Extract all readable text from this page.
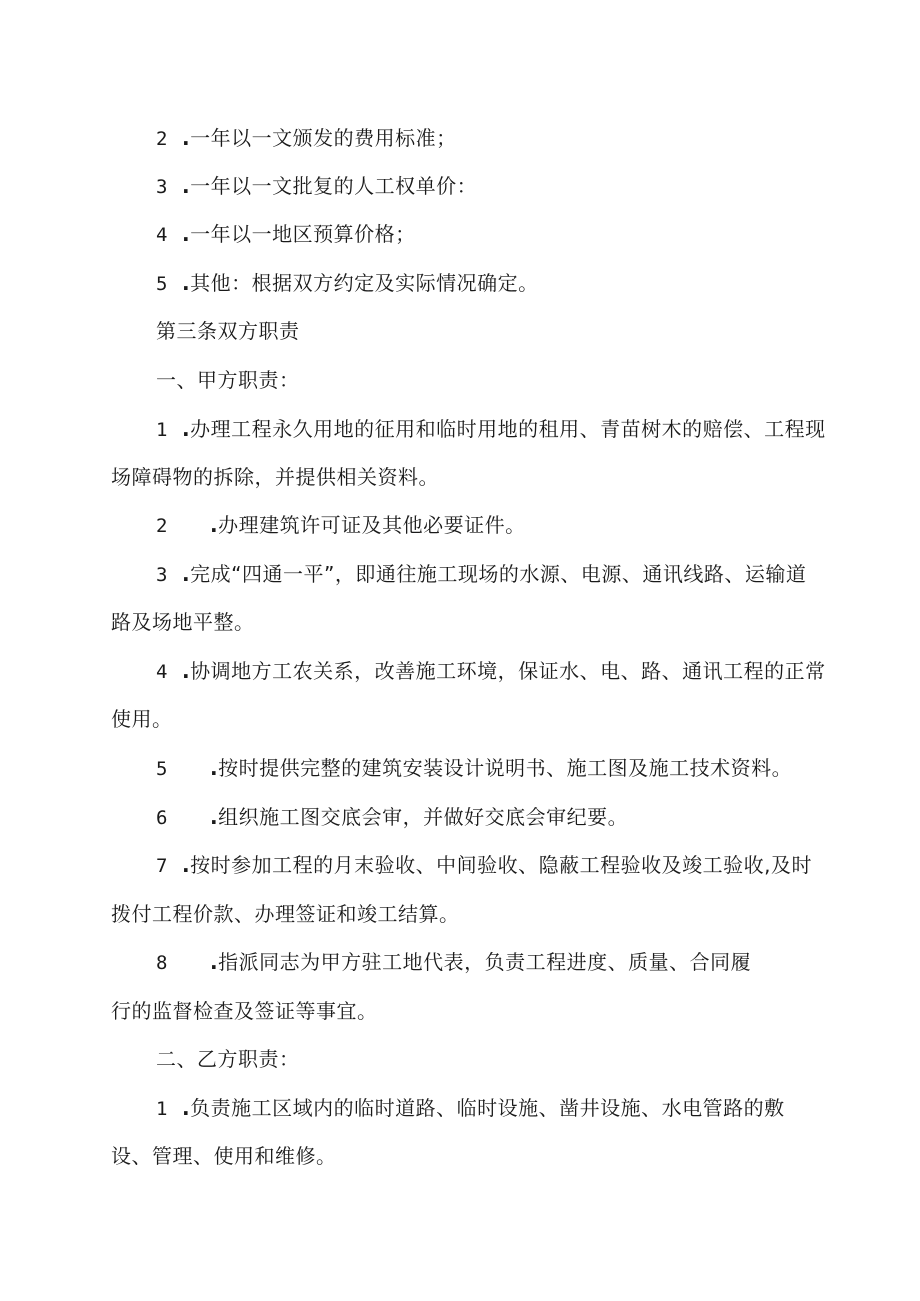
2 .一年以一文颁发的费用标准；
3 .一年以一文批复的人工权单价：
4 .一年以一地区预算价格；
5 .其他：根据双方约定及实际情况确定。
第三条双方职责
一、甲方职责：
1 .办理工程永久用地的征用和临时用地的租用、青苗树木的赔偿、工程现
场障碍物的拆除，并提供相关资料。
2 .办理建筑许可证及其他必要证件。
3 .完成“四通一平”，即通往施工现场的水源、电源、通讯线路、运输道
路及场地平整。
4 .协调地方工农关系，改善施工环境，保证水、电、路、通讯工程的正常
使用。
5 .按时提供完整的建筑安装设计说明书、施工图及施工技术资料。
6 .组织施工图交底会审，并做好交底会审纪要。
7 .按时参加工程的月末验收、中间验收、隐蔽工程验收及竣工验收,及时
拨付工程价款、办理签证和竣工结算。
8 .指派同志为甲方驻工地代表，负责工程进度、质量、合同履
行的监督检查及签证等事宜。
二、乙方职责：
1 .负责施工区域内的临时道路、临时设施、凿井设施、水电管路的敷
设、管理、使用和维修。
